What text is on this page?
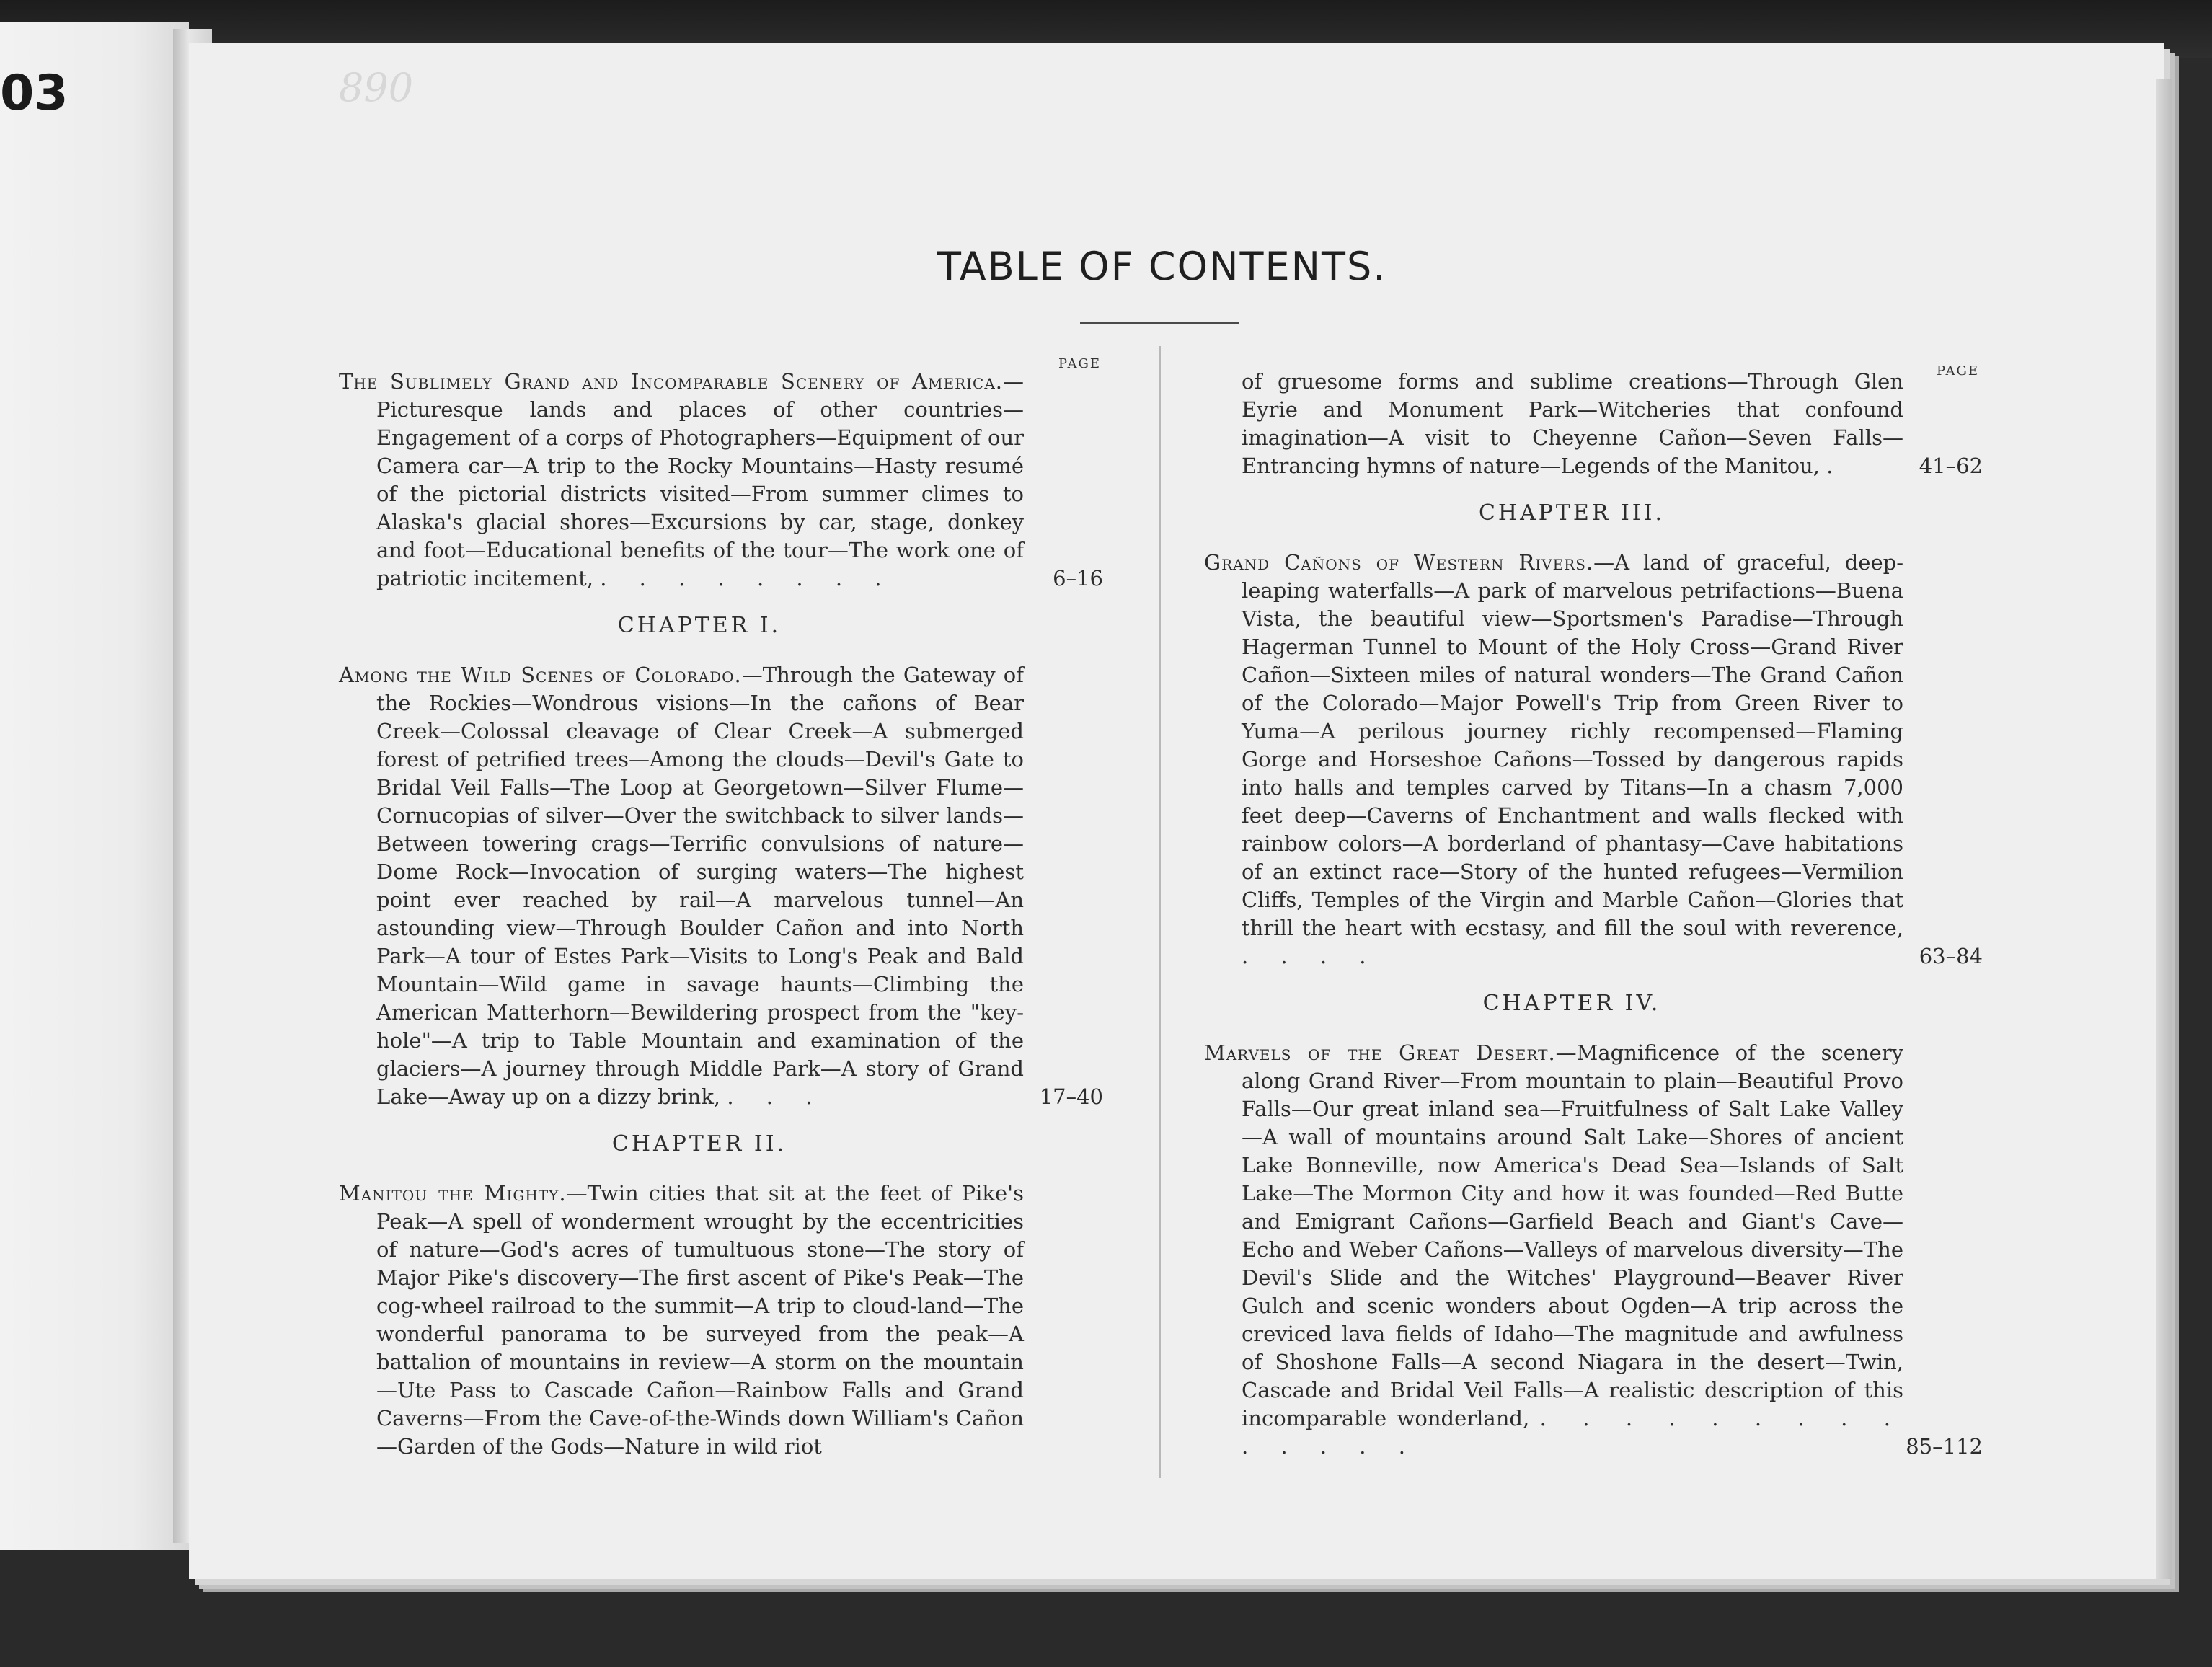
03	890
TABLE OF CONTENTS.
PAGE	PAGE
The Sublimely Grand and Incomparable Scenery of America.—Picturesque lands and places of other countries—Engagement of a corps of Photographers—Equipment of our Camera car—A trip to the Rocky Mountains—Hasty resumé of the pictorial districts visited—From summer climes to Alaska's glacial shores—Excursions by car, stage, donkey and foot—Educational benefits of the tour—The work one of patriotic incitement, . . . . . . . .	6–16
CHAPTER I.
Among the Wild Scenes of Colorado.—Through the Gateway of the Rockies—Wondrous visions—In the cañons of Bear Creek—Colossal cleavage of Clear Creek—A submerged forest of petrified trees—Among the clouds—Devil's Gate to Bridal Veil Falls—The Loop at Georgetown—Silver Flume—Cornucopias of silver—Over the switchback to silver lands—Between towering crags—Terrific convulsions of nature—Dome Rock—Invocation of surging waters—The highest point ever reached by rail—A marvelous tunnel—An astounding view—Through Boulder Cañon and into North Park—A tour of Estes Park—Visits to Long's Peak and Bald Mountain—Wild game in savage haunts—Climbing the American Matterhorn—Bewildering prospect from the "key-hole"—A trip to Table Mountain and examination of the glaciers—A journey through Middle Park—A story of Grand Lake—Away up on a dizzy brink, . . .	17–40
CHAPTER II.
Manitou the Mighty.—Twin cities that sit at the feet of Pike's Peak—A spell of wonderment wrought by the eccentricities of nature—God's acres of tumultuous stone—The story of Major Pike's discovery—The first ascent of Pike's Peak—The cog-wheel railroad to the summit—A trip to cloud-land—The wonderful panorama to be surveyed from the peak—A battalion of mountains in review—A storm on the mountain—Ute Pass to Cascade Cañon—Rainbow Falls and Grand Caverns—From the Cave-of-the-Winds down William's Cañon—Garden of the Gods—Nature in wild riot
of gruesome forms and sublime creations—Through Glen Eyrie and Monument Park—Witcheries that confound imagination—A visit to Cheyenne Cañon—Seven Falls—Entrancing hymns of nature—Legends of the Manitou, .	41–62
CHAPTER III.
Grand Cañons of Western Rivers.—A land of graceful, deep-leaping waterfalls—A park of marvelous petrifactions—Buena Vista, the beautiful view—Sportsmen's Paradise—Through Hagerman Tunnel to Mount of the Holy Cross—Grand River Cañon—Sixteen miles of natural wonders—The Grand Cañon of the Colorado—Major Powell's Trip from Green River to Yuma—A perilous journey richly recompensed—Flaming Gorge and Horseshoe Cañons—Tossed by dangerous rapids into halls and temples carved by Titans—In a chasm 7,000 feet deep—Caverns of Enchantment and walls flecked with rainbow colors—A borderland of phantasy—Cave habitations of an extinct race—Story of the hunted refugees—Vermilion Cliffs, Temples of the Virgin and Marble Cañon—Glories that thrill the heart with ecstasy, and fill the soul with reverence, . . . .	63–84
CHAPTER IV.
Marvels of the Great Desert.—Magnificence of the scenery along Grand River—From mountain to plain—Beautiful Provo Falls—Our great inland sea—Fruitfulness of Salt Lake Valley—A wall of mountains around Salt Lake—Shores of ancient Lake Bonneville, now America's Dead Sea—Islands of Salt Lake—The Mormon City and how it was founded—Red Butte and Emigrant Cañons—Garfield Beach and Giant's Cave—Echo and Weber Cañons—Valleys of marvelous diversity—The Devil's Slide and the Witches' Playground—Beaver River Gulch and scenic wonders about Ogden—A trip across the creviced lava fields of Idaho—The magnitude and awfulness of Shoshone Falls—A second Niagara in the desert—Twin, Cascade and Bridal Veil Falls—A realistic description of this incomparable wonderland, . . . . . . . . . . . . . .	85–112
